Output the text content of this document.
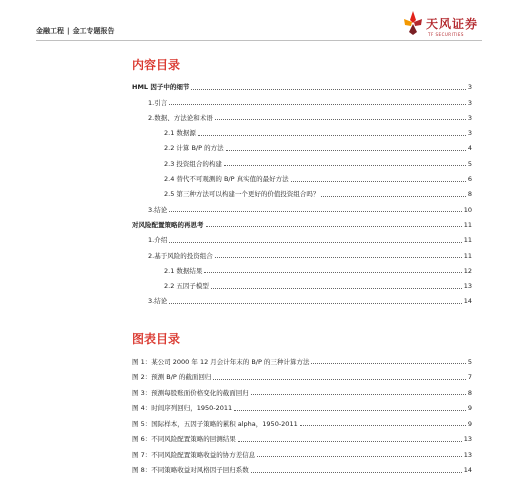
金融工程 | 金工专题报告	天风证券
TF SECURITIES
内容目录
HML 因子中的细节	3
1.引言	3
2.数据、方法论和术语	3
2.1 数据源	3
2.2 计算 B/P 的方法	4
2.3 投资组合的构建	5
2.4 替代不可观测的 B/P 真实值的最好方法	6
2.5 第三种方法可以构建一个更好的价值投资组合吗？	8
3.结论	10
对风险配置策略的再思考	11
1.介绍	11
2.基于风险的投资组合	11
2.1 数据结果	12
2.2 五因子模型	13
3.结论	14
图表目录
图 1：某公司 2000 年 12 月会计年末的 B/P 的三种计算方法	5
图 2：预测 B/P 的截面回归	7
图 3：预测每股账面价格变化的截面回归	8
图 4：时间序列回归，1950-2011	9
图 5：国际样本，五因子策略的累积 alpha，1950-2011	9
图 6：不同风险配置策略的回测结果	13
图 7：不同风险配置策略收益的协方差信息	13
图 8：不同策略收益对风格因子回归系数	14
